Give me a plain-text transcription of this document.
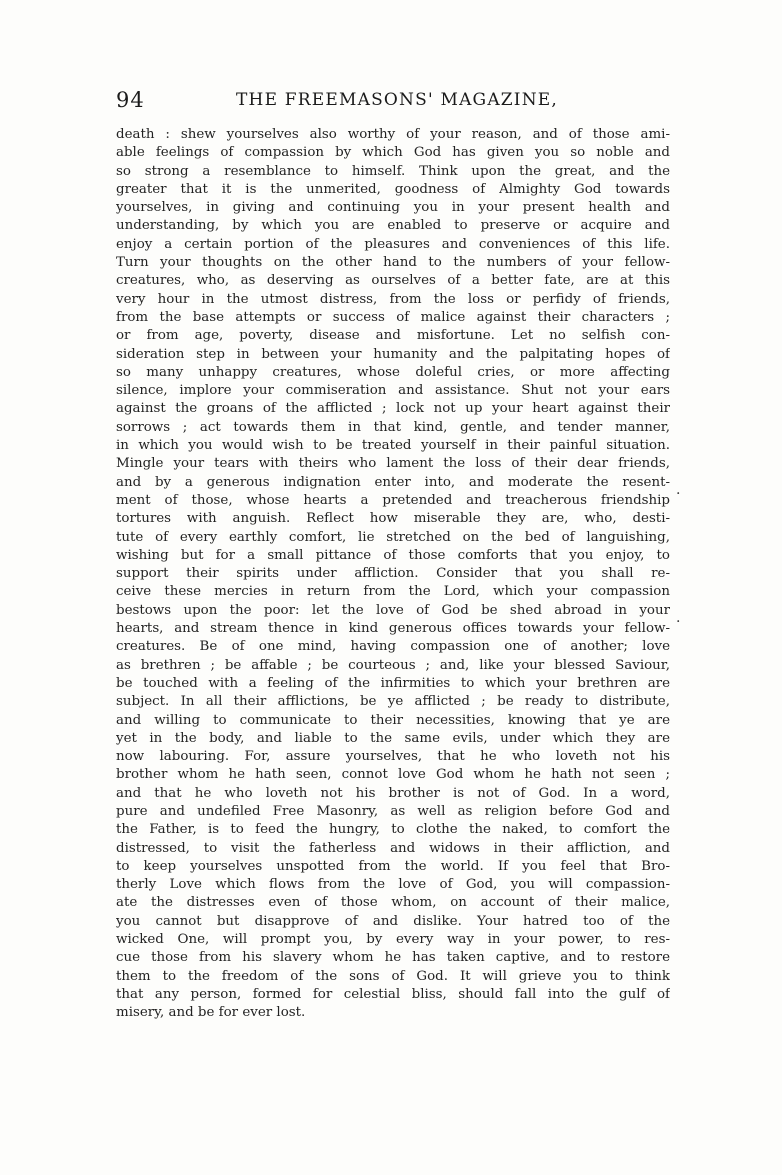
94	THE FREEMASONS' MAGAZINE,
death : shew yourselves also worthy of your reason, and of those ami-
able feelings of compassion by which God has given you so noble and
so strong a resemblance to himself. Think upon the great, and the
greater that it is the unmerited, goodness of Almighty God towards
yourselves, in giving and continuing you in your present health and
understanding, by which you are enabled to preserve or acquire and
enjoy a certain portion of the pleasures and conveniences of this life.
Turn your thoughts on the other hand to the numbers of your fellow-
creatures, who, as deserving as ourselves of a better fate, are at this
very hour in the utmost distress, from the loss or perfidy of friends,
from the base attempts or success of malice against their characters ;
or from age, poverty, disease and misfortune. Let no selfish con-
sideration step in between your humanity and the palpitating hopes of
so many unhappy creatures, whose doleful cries, or more affecting
silence, implore your commiseration and assistance. Shut not your ears
against the groans of the afflicted ; lock not up your heart against their
sorrows ; act towards them in that kind, gentle, and tender manner,
in which you would wish to be treated yourself in their painful situation.
Mingle your tears with theirs who lament the loss of their dear friends,
and by a generous indignation enter into, and moderate the resent-
ment of those, whose hearts a pretended and treacherous friendship
tortures with anguish. Reflect how miserable they are, who, desti-
tute of every earthly comfort, lie stretched on the bed of languishing,
wishing but for a small pittance of those comforts that you enjoy, to
support their spirits under affliction. Consider that you shall re-
ceive these mercies in return from the Lord, which your compassion
bestows upon the poor: let the love of God be shed abroad in your
hearts, and stream thence in kind generous offices towards your fellow-
creatures. Be of one mind, having compassion one of another; love
as brethren ; be affable ; be courteous ; and, like your blessed Saviour,
be touched with a feeling of the infirmities to which your brethren are
subject. In all their afflictions, be ye afflicted ; be ready to distribute,
and willing to communicate to their necessities, knowing that ye are
yet in the body, and liable to the same evils, under which they are
now labouring. For, assure yourselves, that he who loveth not his
brother whom he hath seen, connot love God whom he hath not seen ;
and that he who loveth not his brother is not of God. In a word,
pure and undefiled Free Masonry, as well as religion before God and
the Father, is to feed the hungry, to clothe the naked, to comfort the
distressed, to visit the fatherless and widows in their affliction, and
to keep yourselves unspotted from the world. If you feel that Bro-
therly Love which flows from the love of God, you will compassion-
ate the distresses even of those whom, on account of their malice,
you cannot but disapprove of and dislike. Your hatred too of the
wicked One, will prompt you, by every way in your power, to res-
cue those from his slavery whom he has taken captive, and to restore
them to the freedom of the sons of God. It will grieve you to think
that any person, formed for celestial bliss, should fall into the gulf of
misery, and be for ever lost.
.
.
